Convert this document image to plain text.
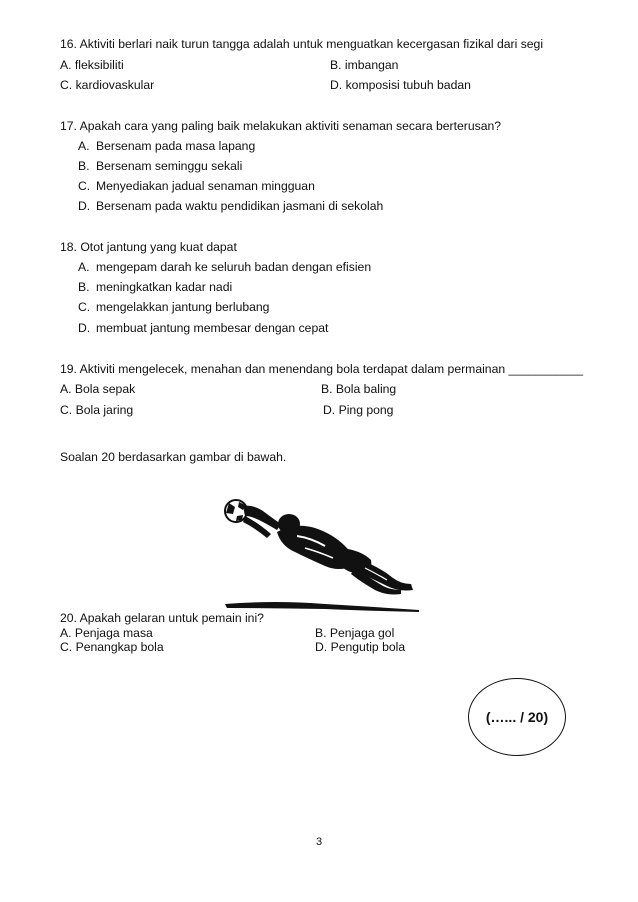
16. Aktiviti berlari naik turun tangga adalah untuk menguatkan kecergasan fizikal dari segi
A. fleksibiliti	B. imbangan
C. kardiovaskular	D. komposisi tubuh badan
17. Apakah cara yang paling baik melakukan aktiviti senaman secara berterusan?
A. Bersenam pada masa lapang
B. Bersenam seminggu sekali
C. Menyediakan jadual senaman mingguan
D. Bersenam pada waktu pendidikan jasmani di sekolah
18. Otot jantung yang kuat dapat
A. mengepam darah ke seluruh badan dengan efisien
B. meningkatkan kadar nadi
C. mengelakkan jantung berlubang
D. membuat jantung membesar dengan cepat
19. Aktiviti mengelecek, menahan dan menendang bola terdapat dalam permainan ___________
A. Bola sepak	B. Bola baling
C. Bola jaring	D. Ping pong
Soalan 20 berdasarkan gambar di bawah.
20. Apakah gelaran untuk pemain ini?
A. Penjaga masa	B. Penjaga gol
C. Penangkap bola	D. Pengutip bola
(…... / 20)
3
